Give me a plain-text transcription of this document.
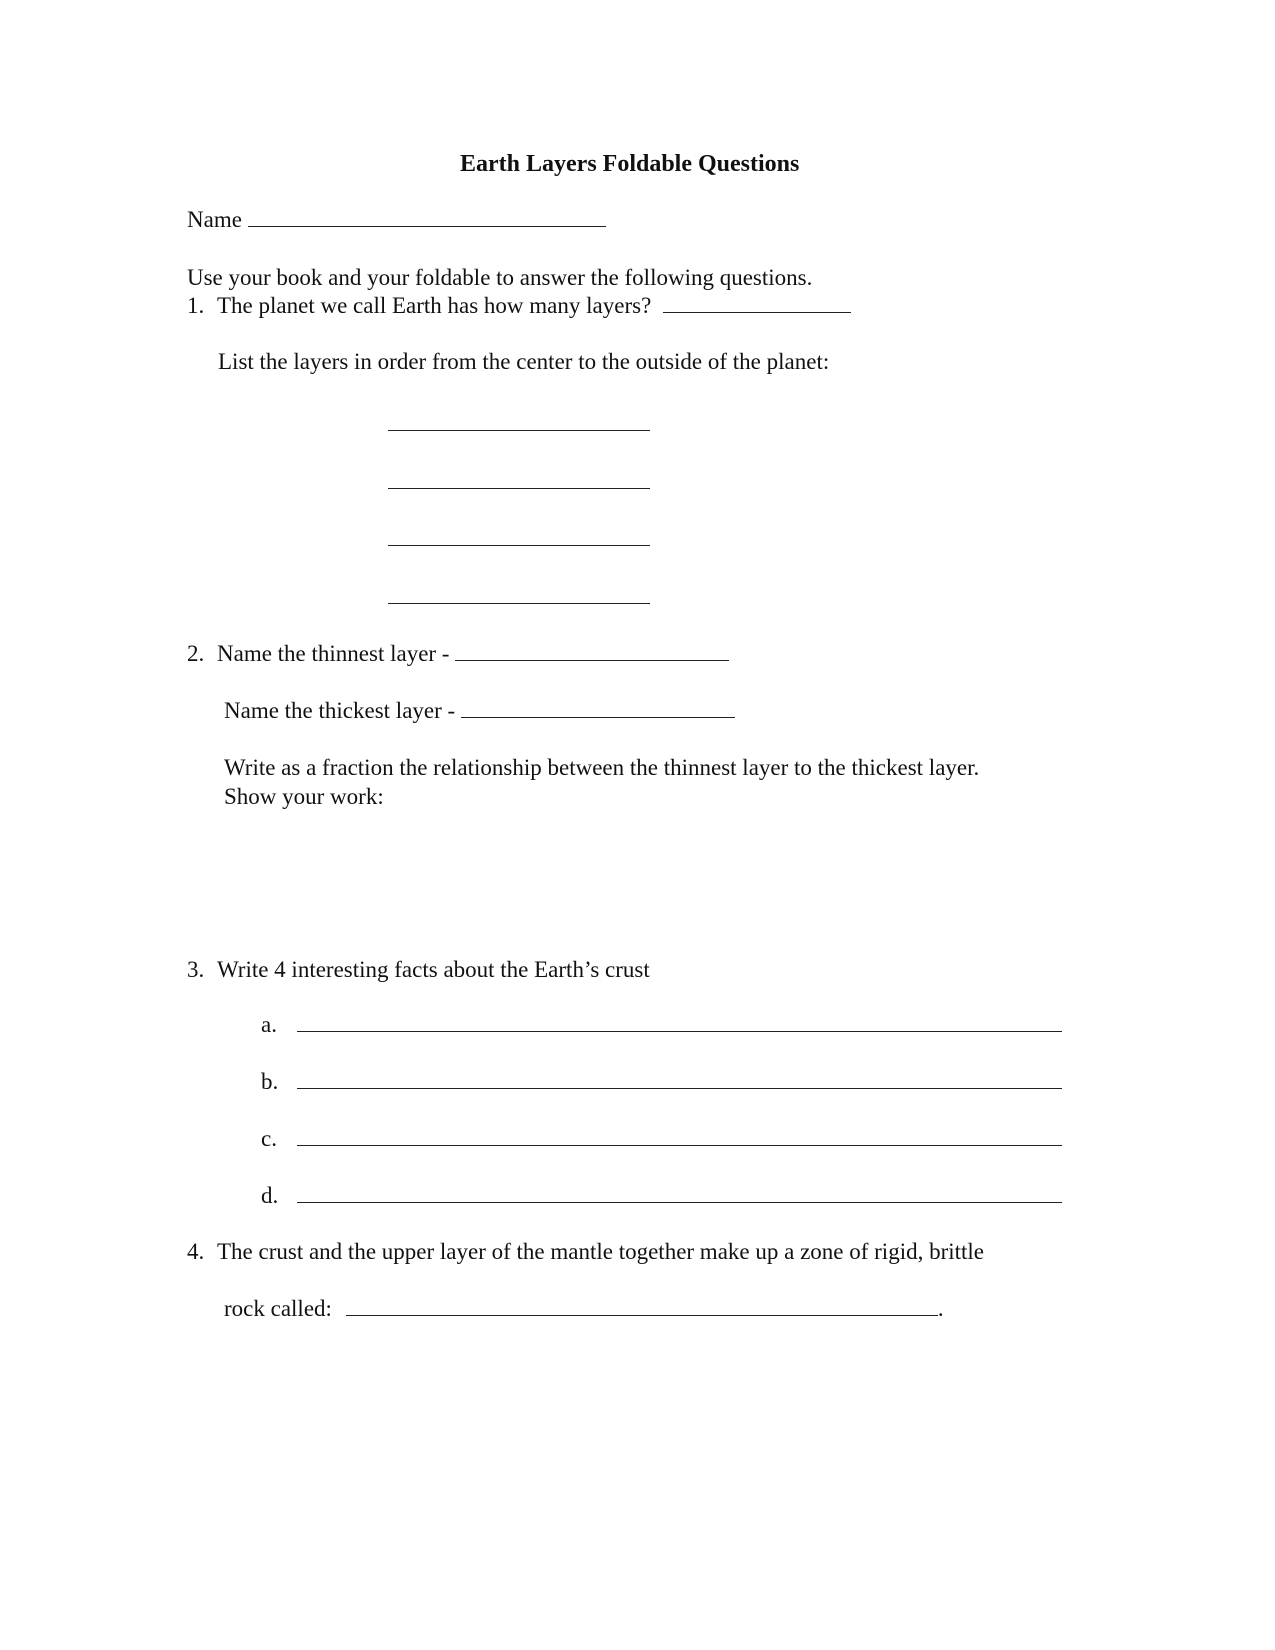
Earth Layers Foldable Questions
Name
Use your book and your foldable to answer the following questions.
1. The planet we call Earth has how many layers?
List the layers in order from the center to the outside of the planet:
2. Name the thinnest layer -
Name the thickest layer -
Write as a fraction the relationship between the thinnest layer to the thickest layer.
Show your work:
3. Write 4 interesting facts about the Earth’s crust
a.
b.
c.
d.
4. The crust and the upper layer of the mantle together make up a zone of rigid, brittle
rock called:	.
